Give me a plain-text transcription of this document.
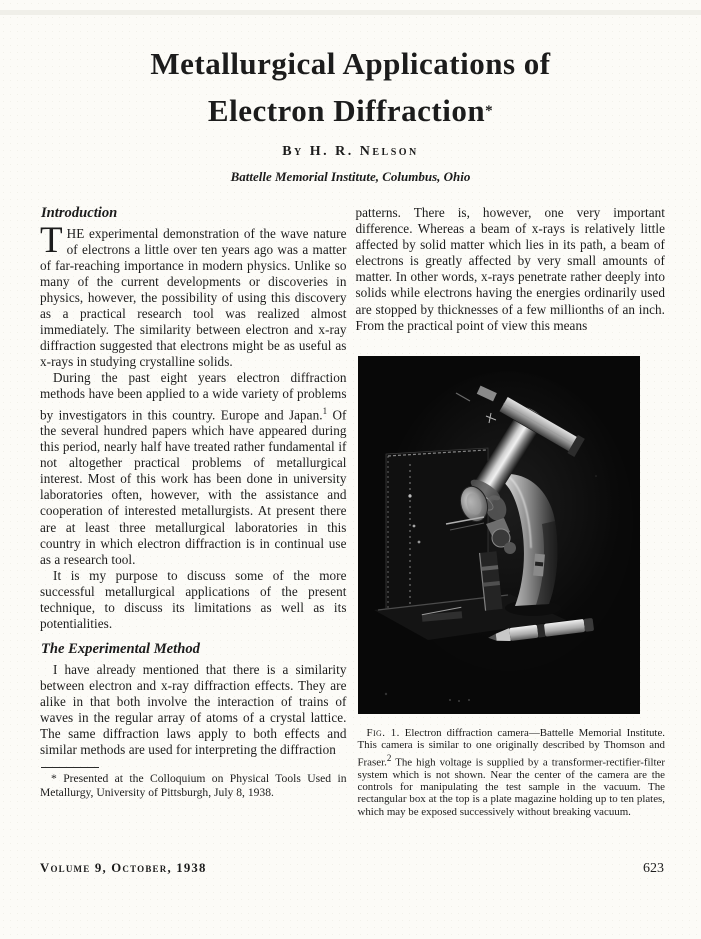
Metallurgical Applications of
Electron Diffraction*
By H. R. Nelson
Battelle Memorial Institute, Columbus, Ohio
Introduction

THE experimental demonstration of the wave nature of electrons a little over ten years ago was a matter of far-reaching importance in modern physics. Unlike so many of the current developments or discoveries in physics, however, the possibility of using this discovery as a practical research tool was realized almost immediately. The similarity between electron and x-ray diffraction suggested that electrons might be as useful as x-rays in studying crystalline solids.

During the past eight years electron diffraction methods have been applied to a wide variety of problems by investigators in this country. Europe and Japan.$^1$ Of the several hundred papers which have appeared during this period, nearly half have treated rather fundamental if not altogether practical problems of metallurgical interest. Most of this work has been done in university laboratories often, however, with the assistance and cooperation of interested metallurgists. At present there are at least three metallurgical laboratories in this country in which electron diffraction is in continual use as a research tool.

It is my purpose to discuss some of the more successful metallurgical applications of the present technique, to discuss its limitations as well as its potentialities.

The Experimental Method

I have already mentioned that there is a similarity between electron and x-ray diffraction effects. They are alike in that both involve the interaction of trains of waves in the regular array of atoms of a crystal lattice. The same diffraction laws apply to both effects and similar methods are used for interpreting the diffraction

* Presented at the Colloquium on Physical Tools Used in Metallurgy, University of Pittsburgh, July 8, 1938.

patterns. There is, however, one very important difference. Whereas a beam of x-rays is relatively little affected by solid matter which lies in its path, a beam of electrons is greatly affected by very small amounts of matter. In other words, x-rays penetrate rather deeply into solids while electrons having the energies ordinarily used are stopped by thicknesses of a few millionths of an inch. From the practical point of view this means

Fig. 1. Electron diffraction camera—Battelle Memorial Institute. This camera is similar to one originally described by Thomson and Fraser.$^2$ The high voltage is supplied by a transformer-rectifier-filter system which is not shown. Near the center of the camera are the controls for manipulating the test sample in the vacuum. The rectangular box at the top is a plate magazine holding up to ten plates, which may be exposed successively without breaking vacuum.
Volume 9, October, 1938	623
